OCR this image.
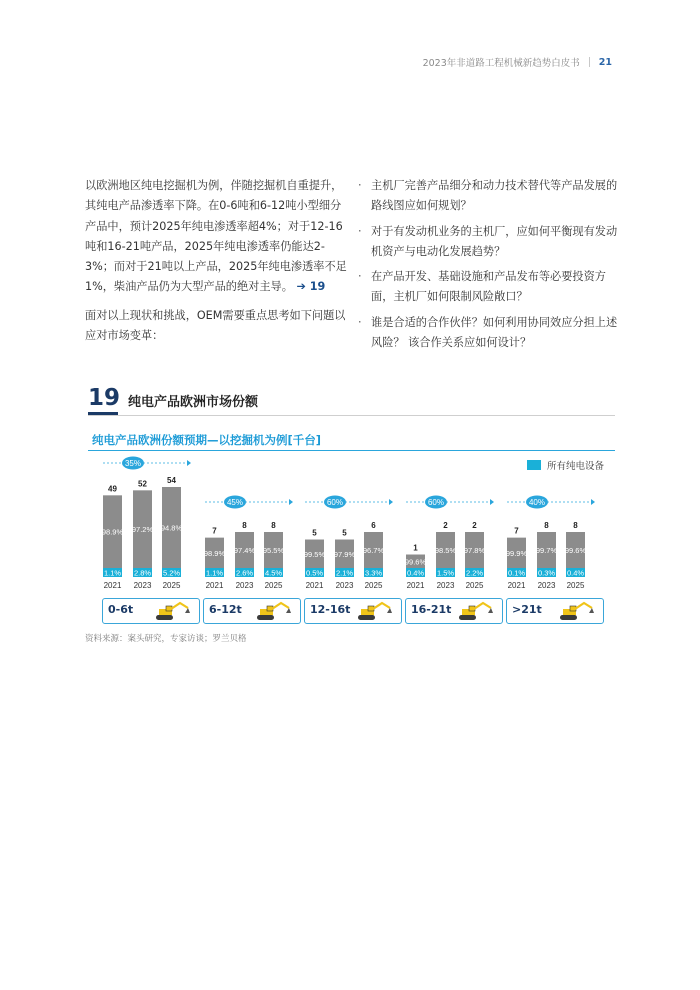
2023年非道路工程机械新趋势白皮书 21

以欧洲地区纯电挖掘机为例，伴随挖掘机自重提升，其纯电产品渗透率下降。在0-6吨和6-12吨小型细分产品中，预计2025年纯电渗透率超4%；对于12-16吨和16-21吨产品，2025年纯电渗透率仍能达2-3%；而对于21吨以上产品，2025年纯电渗透率不足1%，柴油产品仍为大型产品的绝对主导。 ➔ 19

面对以上现状和挑战，OEM需要重点思考如下问题以应对市场变革：

· 主机厂完善产品细分和动力技术替代等产品发展的路线图应如何规划？
· 对于有发动机业务的主机厂，应如何平衡现有发动机资产与电动化发展趋势？
· 在产品开发、基础设施和产品发布等必要投资方面，主机厂如何限制风险敞口？
· 谁是合适的合作伙伴？如何利用协同效应分担上述风险？ 该合作关系应如何设计？
19 纯电产品欧洲市场份额
纯电产品欧洲份额预期—以挖掘机为例[千台]
所有纯电设备
49
98.9%
1.1%
2021
52
97.2%
2.8%
2023
54
94.8%
5.2%
2025
35%
7
98.9%
1.1%
2021
8
97.4%
2.6%
2023
8
95.5%
4.5%
2025
45%
5
99.5%
0.5%
2021
5
97.9%
2.1%
2023
6
96.7%
3.3%
2025
60%
1
99.6%
0.4%
2021
2
98.5%
1.5%
2023
2
97.8%
2.2%
2025
60%
7
99.9%
0.1%
2021
8
99.7%
0.3%
2023
8
99.6%
0.4%
2025
40%
0-6t	6-12t	12-16t	16-21t	>21t
资料来源：案头研究，专家访谈；罗兰贝格
